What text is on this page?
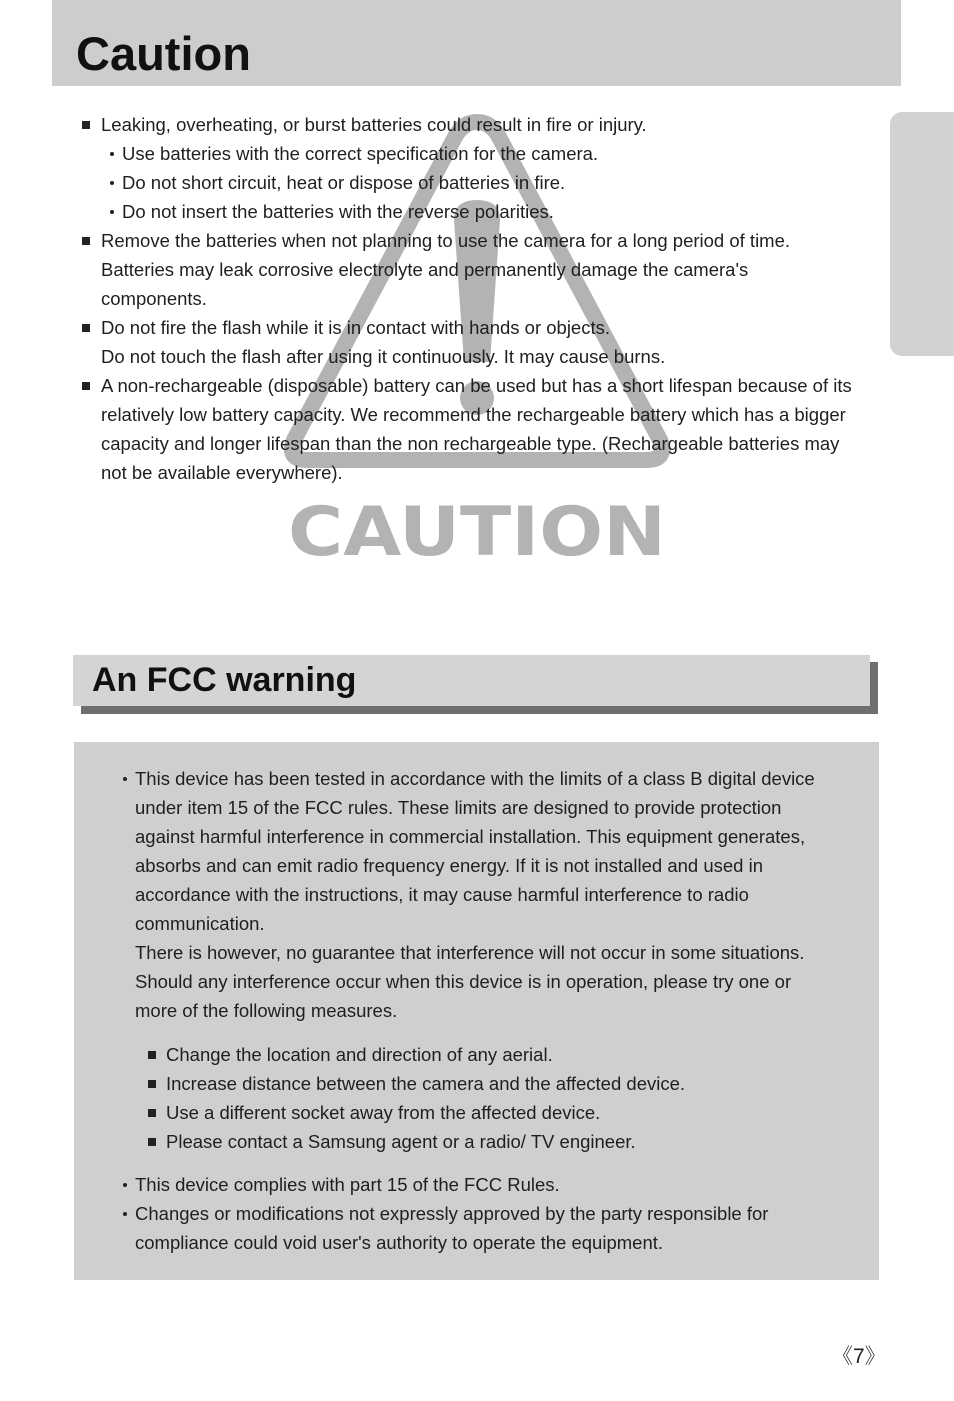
Caution
CAUTION
Leaking, overheating, or burst batteries could result in fire or injury.
Use batteries with the correct specification for the camera.
Do not short circuit, heat or dispose of batteries in fire.
Do not insert the batteries with the reverse polarities.
Remove the batteries when not planning to use the camera for a long period of time.
Batteries may leak corrosive electrolyte and permanently damage the camera's
components.
Do not fire the flash while it is in contact with hands or objects.
Do not touch the flash after using it continuously. It may cause burns.
A non-rechargeable (disposable) battery can be used but has a short lifespan because of its
relatively low battery capacity. We recommend the rechargeable battery which has a bigger
capacity and longer lifespan than the non rechargeable type. (Rechargeable batteries may
not be available everywhere).
An FCC warning
This device has been tested in accordance with the limits of a class B digital device
under item 15 of the FCC rules. These limits are designed to provide protection
against harmful interference in commercial installation. This equipment generates,
absorbs and can emit radio frequency energy. If it is not installed and used in
accordance with the instructions, it may cause harmful interference to radio
communication.
There is however, no guarantee that interference will not occur in some situations.
Should any interference occur when this device is in operation, please try one or
more of the following measures.
Change the location and direction of any aerial.
Increase distance between the camera and the affected device.
Use a different socket away from the affected device.
Please contact a Samsung agent or a radio/ TV engineer.
This device complies with part 15 of the FCC Rules.
Changes or modifications not expressly approved by the party responsible for
compliance could void user's authority to operate the equipment.
《7》
